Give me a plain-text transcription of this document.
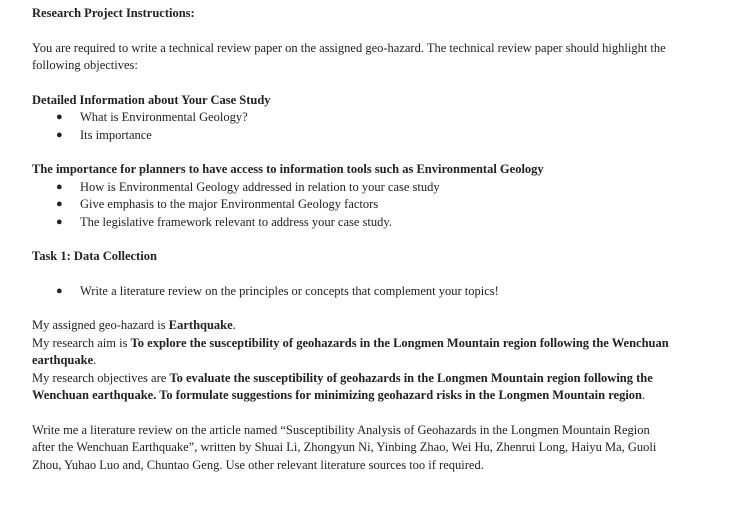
Research Project Instructions:

You are required to write a technical review paper on the assigned geo-hazard. The technical review paper should highlight the following objectives:

Detailed Information about Your Case Study

● What is Environmental Geology?
● Its importance

The importance for planners to have access to information tools such as Environmental Geology

● How is Environmental Geology addressed in relation to your case study
● Give emphasis to the major Environmental Geology factors
● The legislative framework relevant to address your case study.

Task 1: Data Collection

● Write a literature review on the principles or concepts that complement your topics!

My assigned geo-hazard is Earthquake.

My research aim is To explore the susceptibility of geohazards in the Longmen Mountain region following the Wenchuan earthquake.

My research objectives are To evaluate the susceptibility of geohazards in the Longmen Mountain region following the Wenchuan earthquake. To formulate suggestions for minimizing geohazard risks in the Longmen Mountain region.

Write me a literature review on the article named “Susceptibility Analysis of Geohazards in the Longmen Mountain Region after the Wenchuan Earthquake”, written by Shuai Li, Zhongyun Ni, Yinbing Zhao, Wei Hu, Zhenrui Long, Haiyu Ma, Guoli Zhou, Yuhao Luo and, Chuntao Geng. Use other relevant literature sources too if required.
